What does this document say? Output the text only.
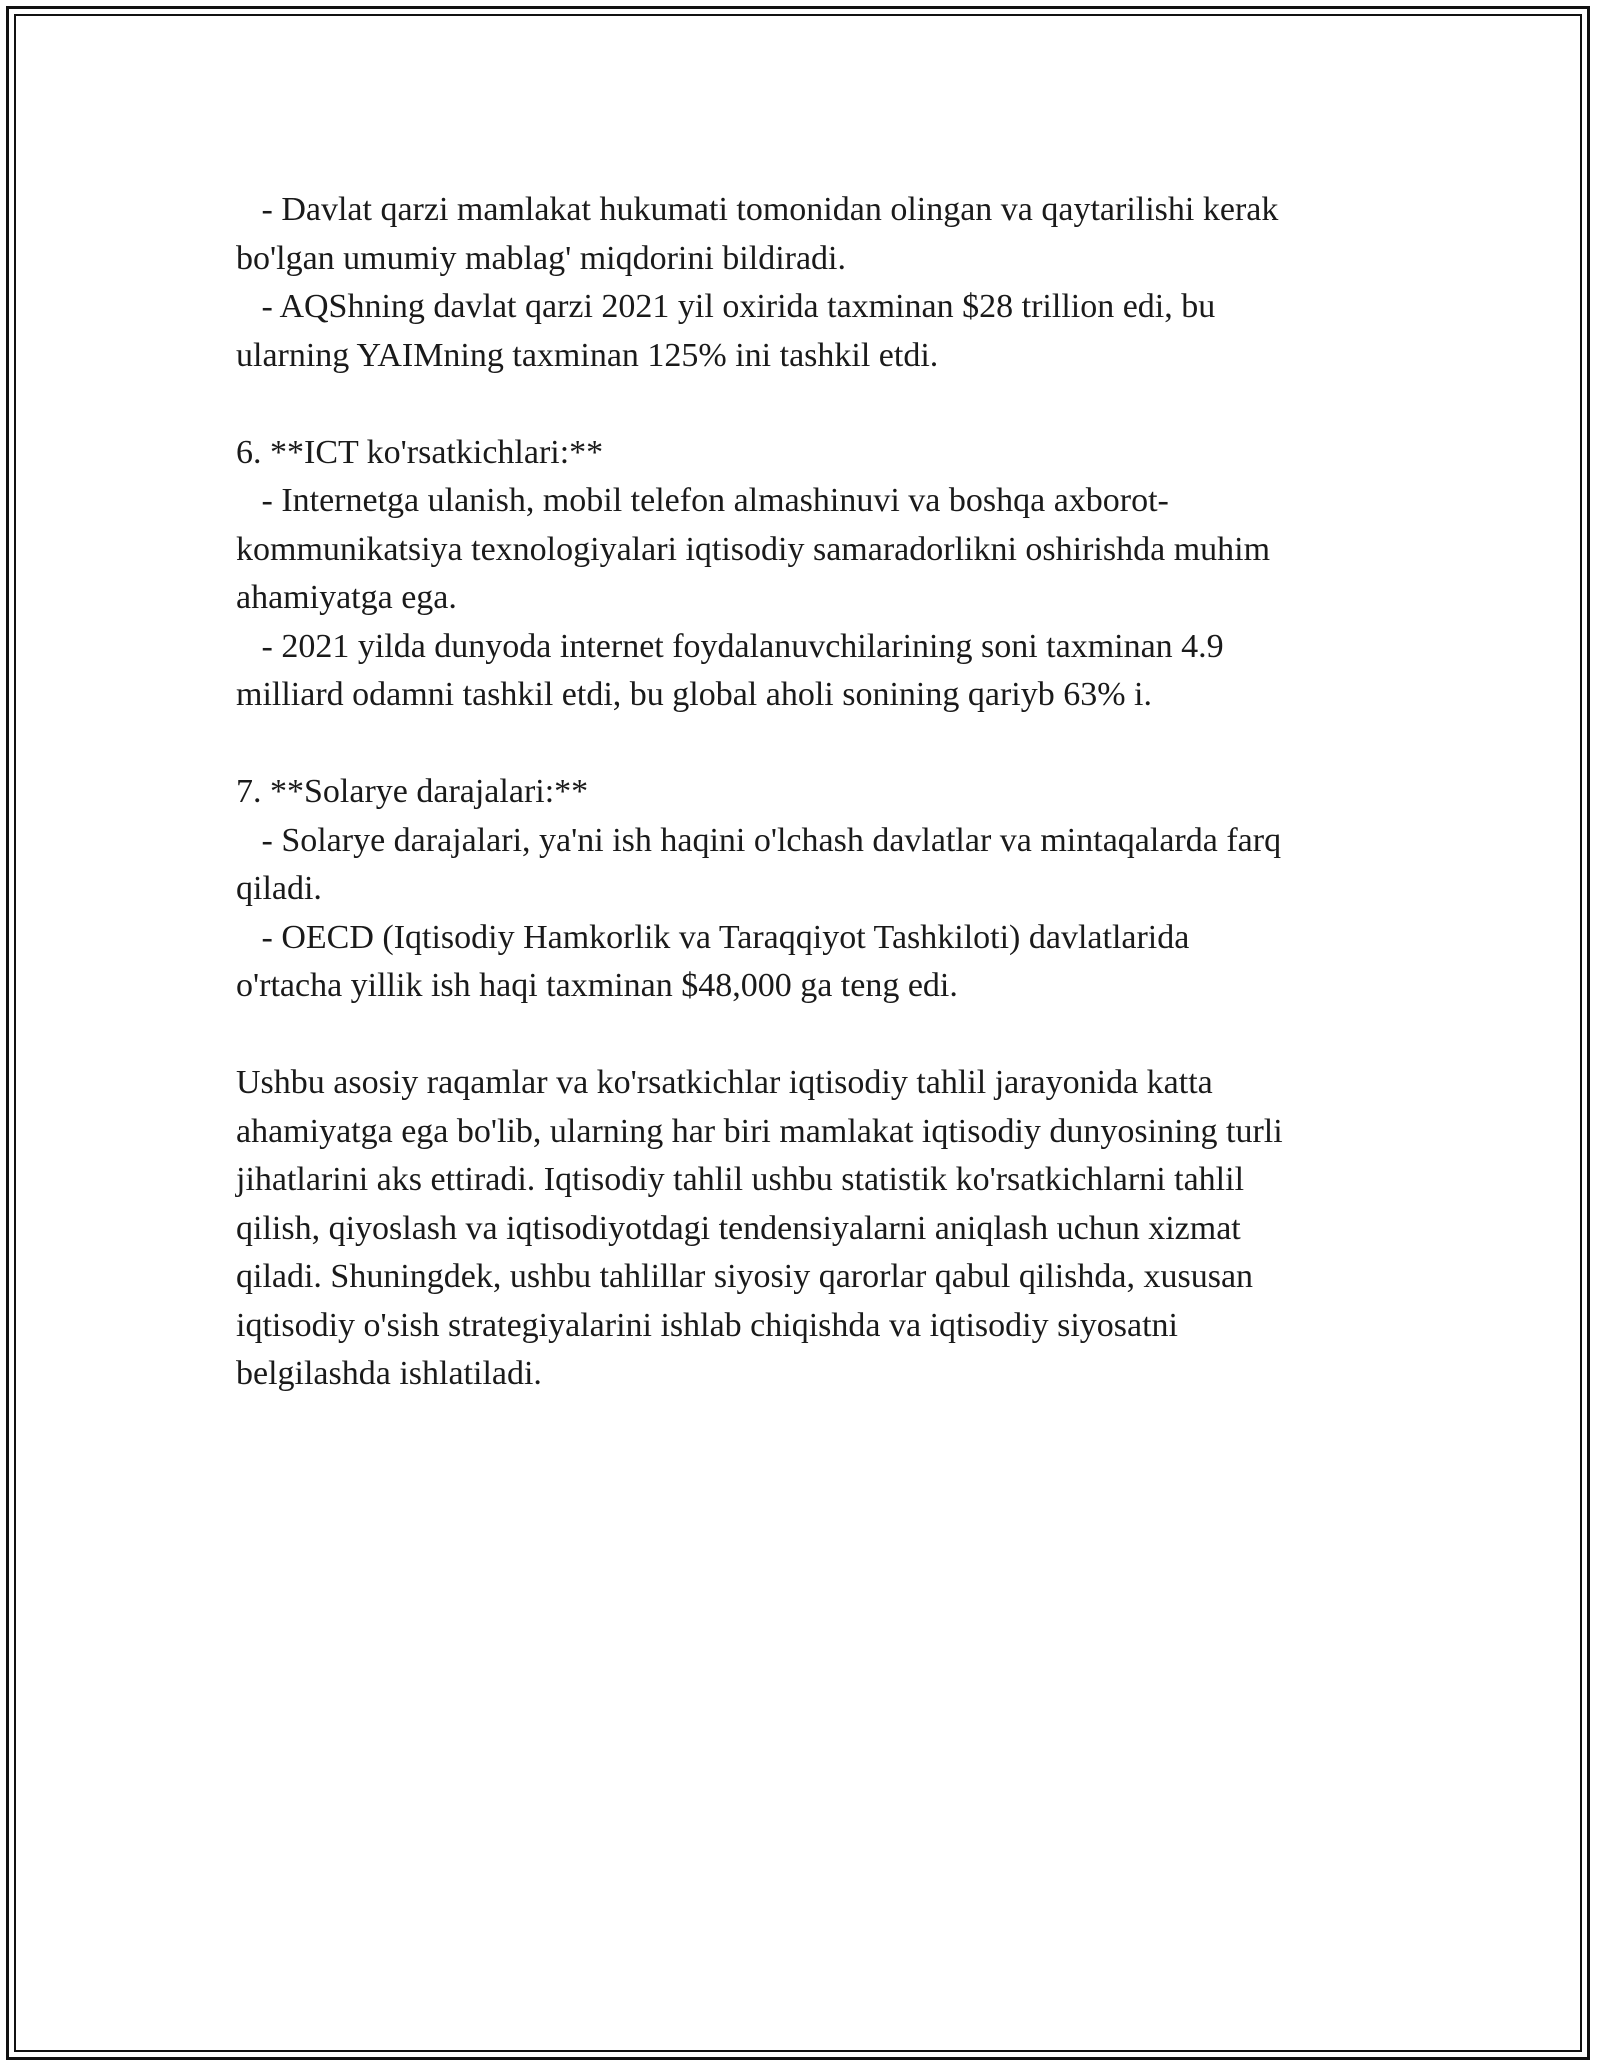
- Davlat qarzi mamlakat hukumati tomonidan olingan va qaytarilishi kerak
bo'lgan umumiy mablag' miqdorini bildiradi.
- AQShning davlat qarzi 2021 yil oxirida taxminan $28 trillion edi, bu
ularning YAIMning taxminan 125% ini tashkil etdi.
6. **ICT ko'rsatkichlari:**
- Internetga ulanish, mobil telefon almashinuvi va boshqa axborot-
kommunikatsiya texnologiyalari iqtisodiy samaradorlikni oshirishda muhim
ahamiyatga ega.
- 2021 yilda dunyoda internet foydalanuvchilarining soni taxminan 4.9
milliard odamni tashkil etdi, bu global aholi sonining qariyb 63% i.
7. **Solarye darajalari:**
- Solarye darajalari, ya'ni ish haqini o'lchash davlatlar va mintaqalarda farq
qiladi.
- OECD (Iqtisodiy Hamkorlik va Taraqqiyot Tashkiloti) davlatlarida
o'rtacha yillik ish haqi taxminan $48,000 ga teng edi.
Ushbu asosiy raqamlar va ko'rsatkichlar iqtisodiy tahlil jarayonida katta
ahamiyatga ega bo'lib, ularning har biri mamlakat iqtisodiy dunyosining turli
jihatlarini aks ettiradi. Iqtisodiy tahlil ushbu statistik ko'rsatkichlarni tahlil
qilish, qiyoslash va iqtisodiyotdagi tendensiyalarni aniqlash uchun xizmat
qiladi. Shuningdek, ushbu tahlillar siyosiy qarorlar qabul qilishda, xususan
iqtisodiy o'sish strategiyalarini ishlab chiqishda va iqtisodiy siyosatni
belgilashda ishlatiladi.
